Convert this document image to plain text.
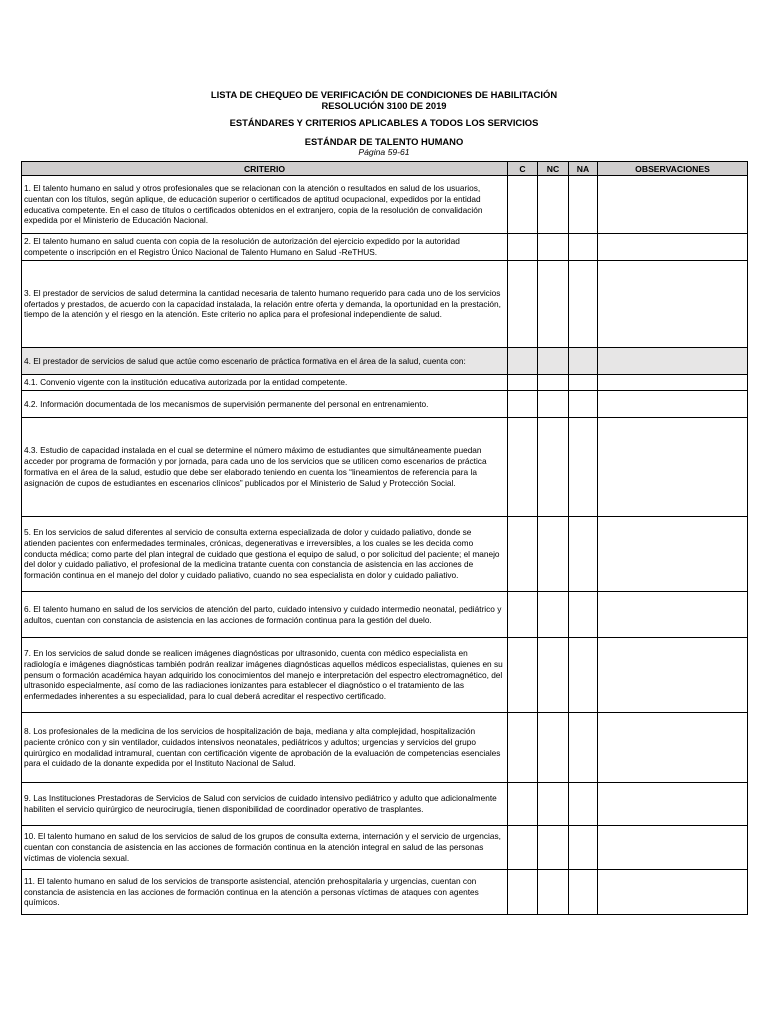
LISTA DE CHEQUEO DE VERIFICACIÓN DE CONDICIONES DE HABILITACIÓN
RESOLUCIÓN 3100 DE 2019
ESTÁNDARES Y CRITERIOS APLICABLES A TODOS LOS SERVICIOS
ESTÁNDAR DE TALENTO HUMANO
Página 59-61
CRITERIO	C	NC	NA	OBSERVACIONES
1. El talento humano en salud y otros profesionales que se relacionan con la atención o resultados en salud de los usuarios, cuentan con los títulos, según aplique, de educación superior o certificados de aptitud ocupacional, expedidos por la entidad educativa competente. En el caso de títulos o certificados obtenidos en el extranjero, copia de la resolución de convalidación expedida por el Ministerio de Educación Nacional.				
2. El talento humano en salud cuenta con copia de la resolución de autorización del ejercicio expedido por la autoridad competente o inscripción en el Registro Único Nacional de Talento Humano en Salud -ReTHUS.				
3. El prestador de servicios de salud determina la cantidad necesaria de talento humano requerido para cada uno de los servicios ofertados y prestados, de acuerdo con la capacidad instalada, la relación entre oferta y demanda, la oportunidad en la prestación, tiempo de la atención y el riesgo en la atención. Este criterio no aplica para el profesional independiente de salud.				
4. El prestador de servicios de salud que actúe como escenario de práctica formativa en el área de la salud, cuenta con:				
4.1. Convenio vigente con la institución educativa autorizada por la entidad competente.				
4.2. Información documentada de los mecanismos de supervisión permanente del personal en entrenamiento.				
4.3. Estudio de capacidad instalada en el cual se determine el número máximo de estudiantes que simultáneamente puedan acceder por programa de formación y por jornada, para cada uno de los servicios que se utilicen como escenarios de práctica formativa en el área de la salud, estudio que debe ser elaborado teniendo en cuenta los “lineamientos de referencia para la asignación de cupos de estudiantes en escenarios clínicos” publicados por el Ministerio de Salud y Protección Social.				
5. En los servicios de salud diferentes al servicio de consulta externa especializada de dolor y cuidado paliativo, donde se atienden pacientes con enfermedades terminales, crónicas, degenerativas e irreversibles, a los cuales se les decida como conducta médica; como parte del plan integral de cuidado que gestiona el equipo de salud, o por solicitud del paciente; el manejo del dolor y cuidado paliativo, el profesional de la medicina tratante cuenta con constancia de asistencia en las acciones de formación continua en el manejo del dolor y cuidado paliativo, cuando no sea especialista en dolor y cuidado paliativo.				
6. El talento humano en salud de los servicios de atención del parto, cuidado intensivo y cuidado intermedio neonatal, pediátrico y adultos, cuentan con constancia de asistencia en las acciones de formación continua para la gestión del duelo.				
7. En los servicios de salud donde se realicen imágenes diagnósticas por ultrasonido, cuenta con médico especialista en radiología e imágenes diagnósticas también podrán realizar imágenes diagnósticas aquellos médicos especialistas, quienes en su pensum o formación académica hayan adquirido los conocimientos del manejo e interpretación del espectro electromagnético, del ultrasonido especialmente, así como de las radiaciones ionizantes para establecer el diagnóstico o el tratamiento de las enfermedades inherentes a su especialidad, para lo cual deberá acreditar el respectivo certificado.				
8. Los profesionales de la medicina de los servicios de hospitalización de baja, mediana y alta complejidad, hospitalización paciente crónico con y sin ventilador, cuidados intensivos neonatales, pediátricos y adultos; urgencias y servicios del grupo quirúrgico en modalidad intramural, cuentan con certificación vigente de aprobación de la evaluación de competencias esenciales para el cuidado de la donante expedida por el Instituto Nacional de Salud.				
9. Las Instituciones Prestadoras de Servicios de Salud con servicios de cuidado intensivo pediátrico y adulto que adicionalmente habiliten el servicio quirúrgico de neurocirugía, tienen disponibilidad de coordinador operativo de trasplantes.				
10. El talento humano en salud de los servicios de salud de los grupos de consulta externa, internación y el servicio de urgencias, cuentan con constancia de asistencia en las acciones de formación continua en la atención integral en salud de las personas víctimas de violencia sexual.				
11. El talento humano en salud de los servicios de transporte asistencial, atención prehospitalaria y urgencias, cuentan con constancia de asistencia en las acciones de formación continua en la atención a personas víctimas de ataques con agentes químicos.				
